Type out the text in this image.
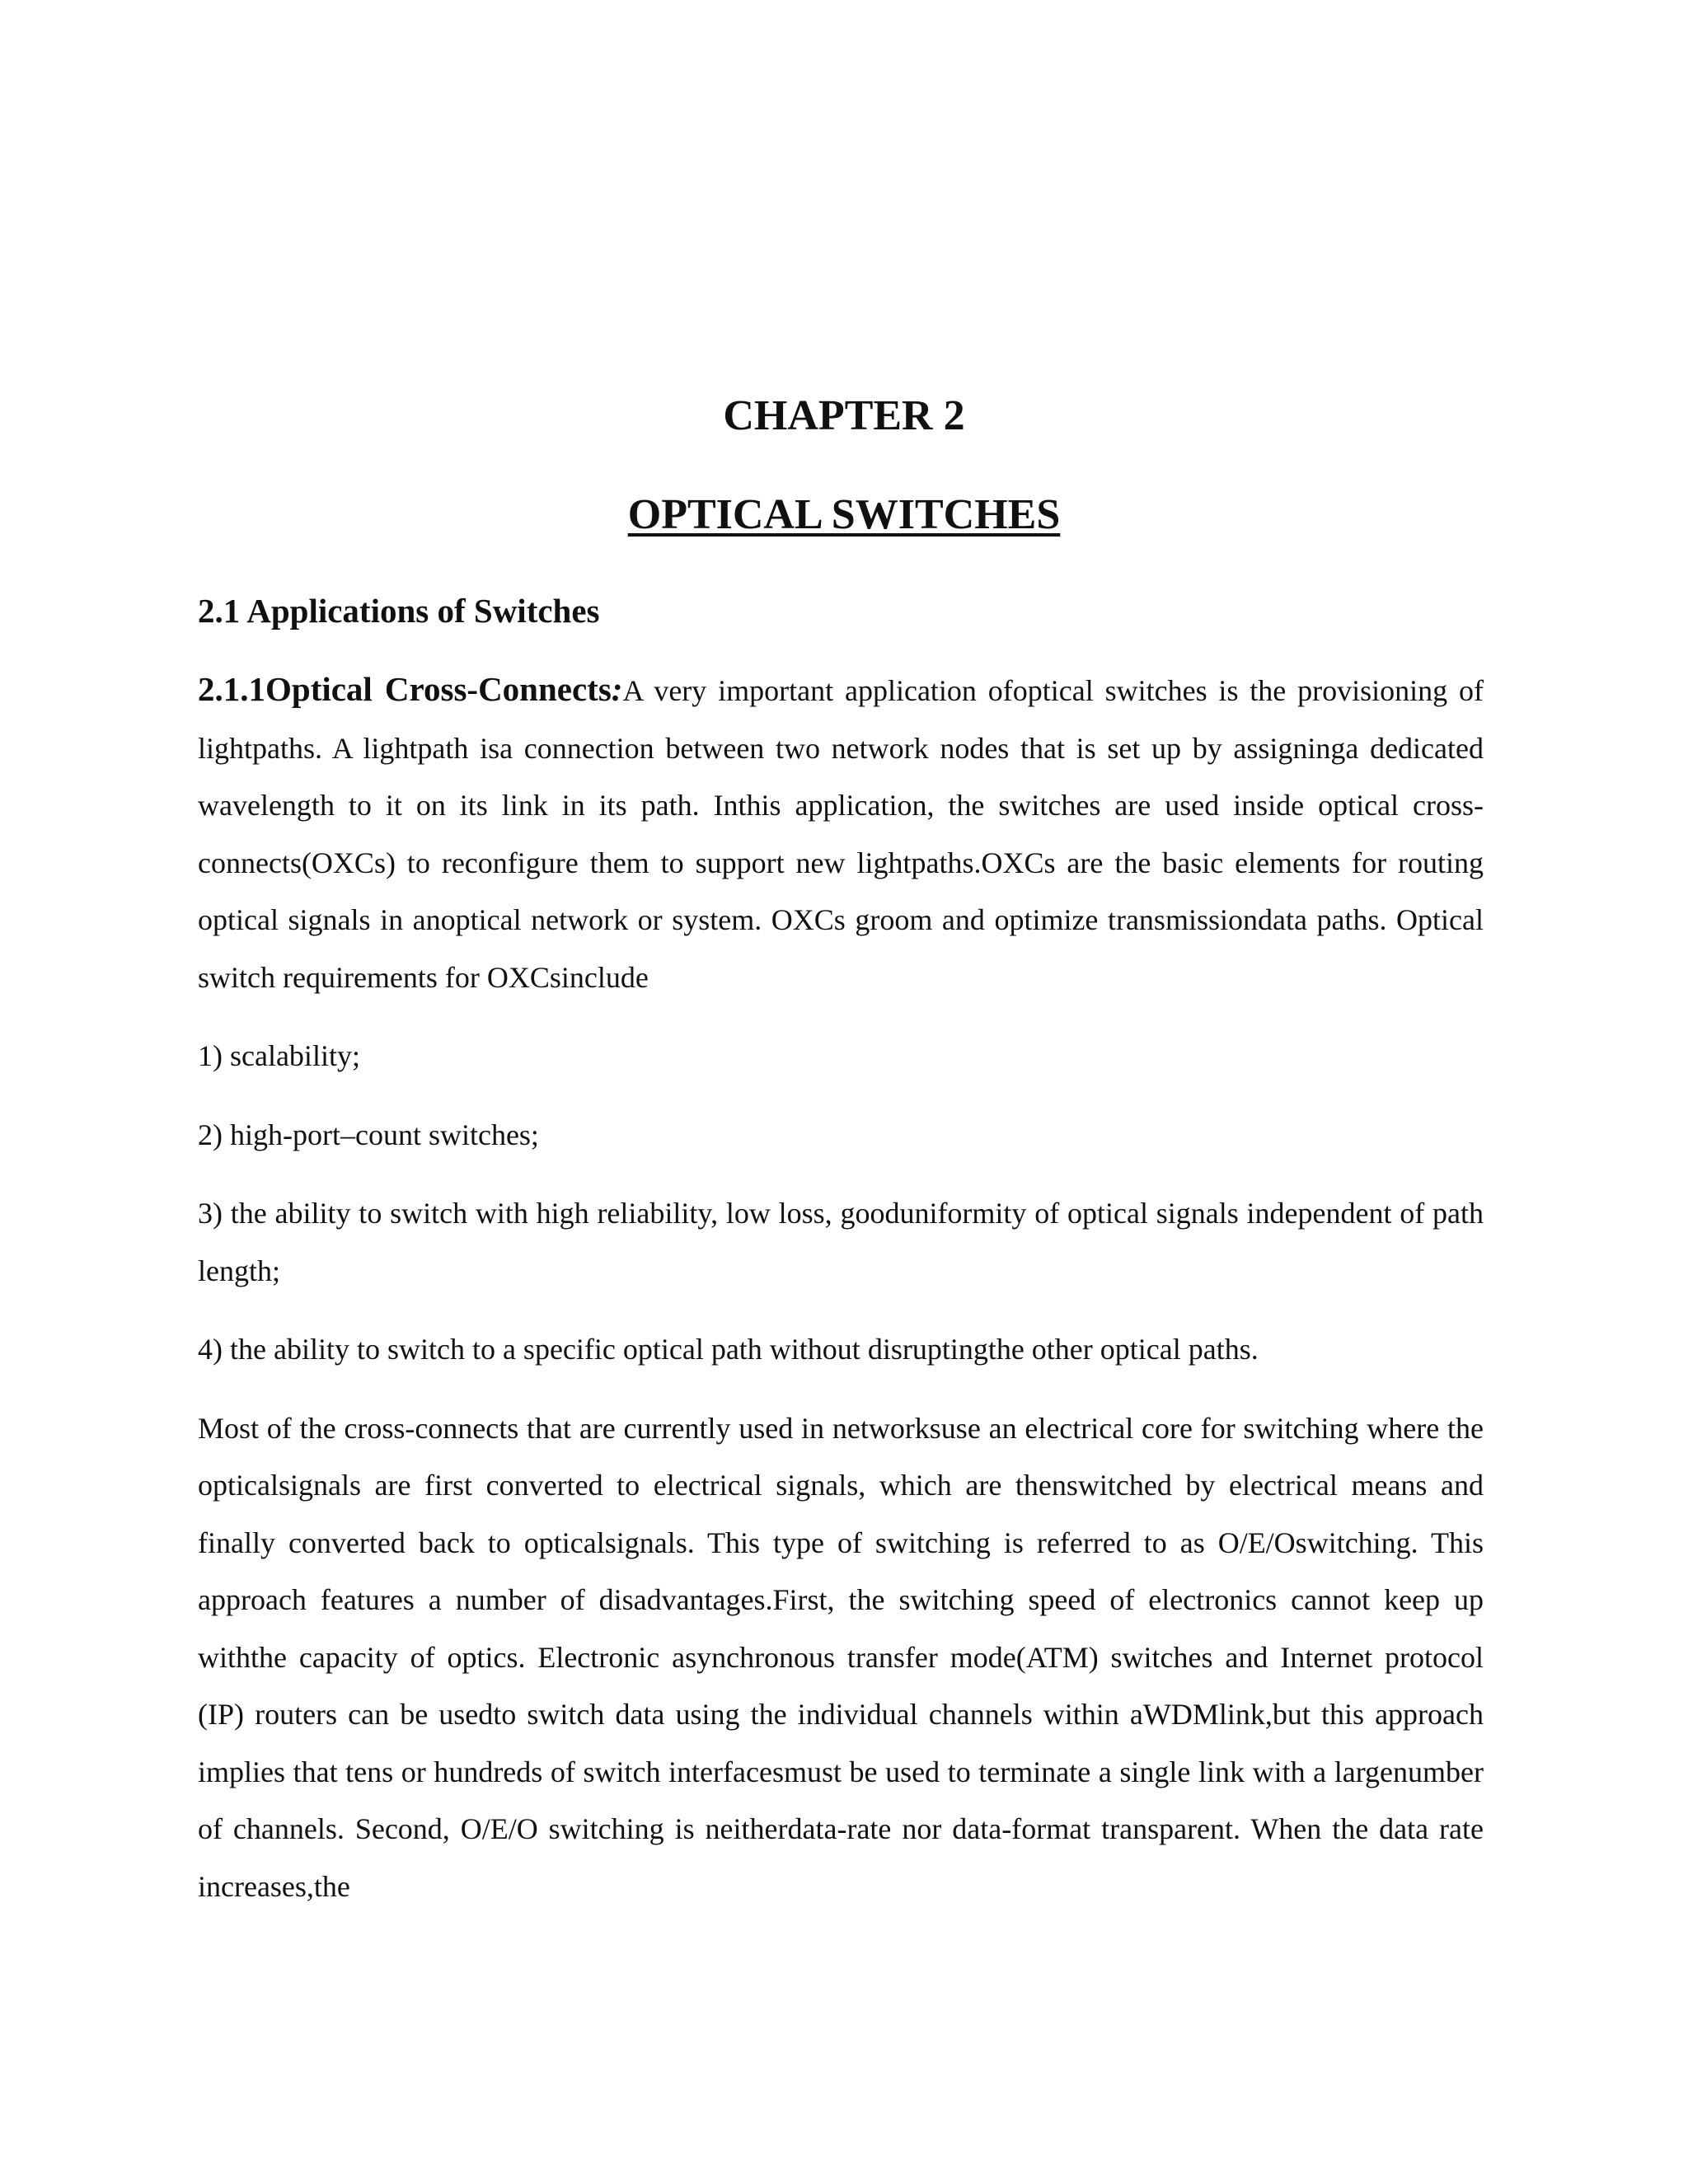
CHAPTER 2
OPTICAL SWITCHES
2.1 Applications of Switches

2.1.1Optical Cross-Connects:A very important application ofoptical switches is the provisioning of lightpaths. A lightpath isa connection between two network nodes that is set up by assigninga dedicated wavelength to it on its link in its path. Inthis application, the switches are used inside optical cross-connects(OXCs) to reconfigure them to support new lightpaths.OXCs are the basic elements for routing optical signals in anoptical network or system. OXCs groom and optimize transmissiondata paths. Optical switch requirements for OXCsinclude

1) scalability;

2) high-port–count switches;

3) the ability to switch with high reliability, low loss, gooduniformity of optical signals independent of path length;

4) the ability to switch to a specific optical path without disruptingthe other optical paths.

Most of the cross-connects that are currently used in networksuse an electrical core for switching where the opticalsignals are first converted to electrical signals, which are thenswitched by electrical means and finally converted back to opticalsignals. This type of switching is referred to as O/E/Oswitching. This approach features a number of disadvantages.First, the switching speed of electronics cannot keep up withthe capacity of optics. Electronic asynchronous transfer mode(ATM) switches and Internet protocol (IP) routers can be usedto switch data using the individual channels within aWDMlink,but this approach implies that tens or hundreds of switch interfacesmust be used to terminate a single link with a largenumber of channels. Second, O/E/O switching is neitherdata-rate nor data-format transparent. When the data rate increases,the
